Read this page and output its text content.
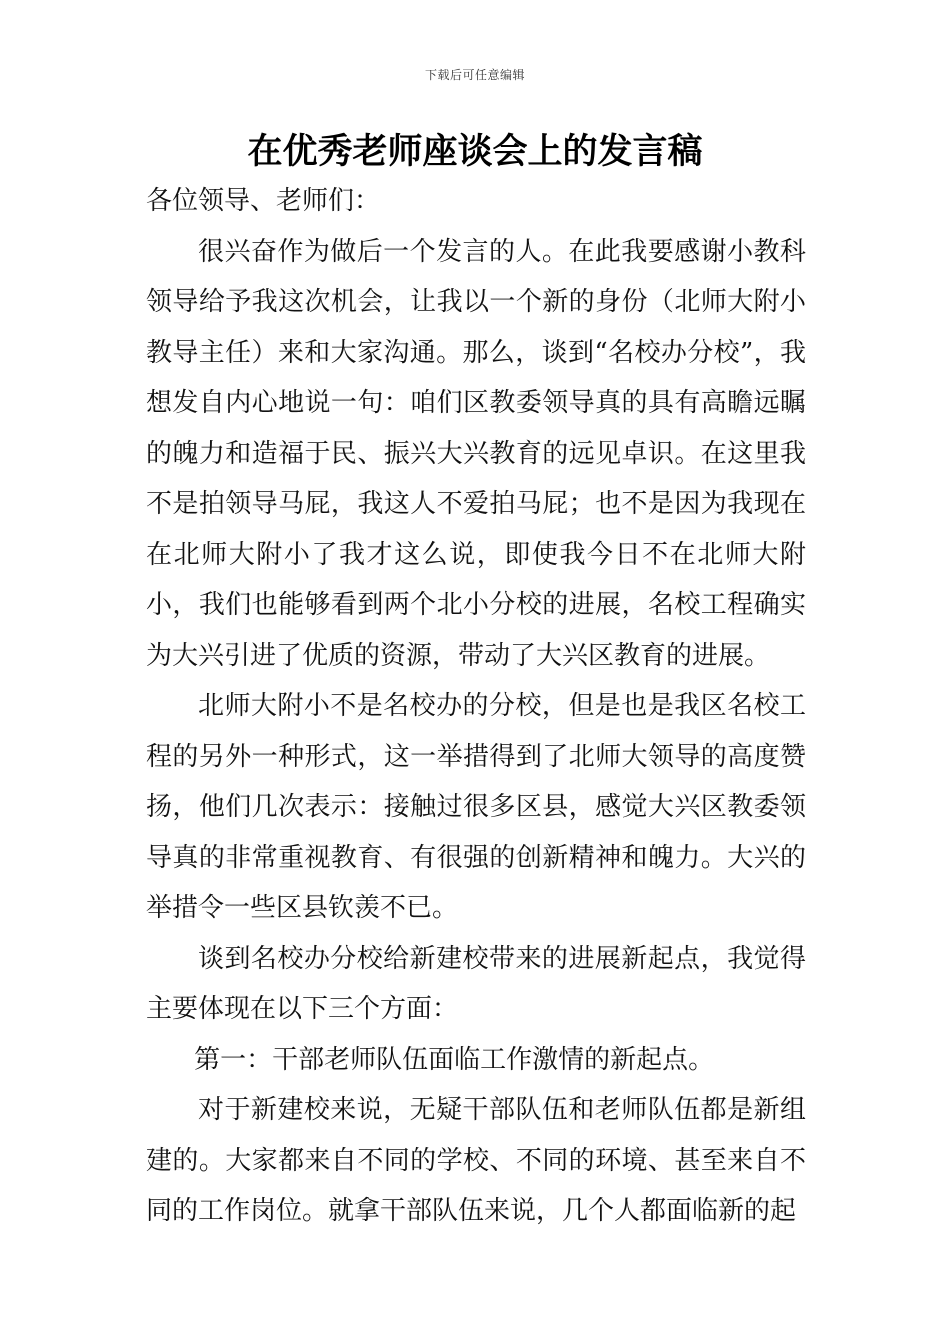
下载后可任意编辑
在优秀老师座谈会上的发言稿

各位领导、老师们：

很兴奋作为做后一个发言的人。在此我要感谢小教科领导给予我这次机会，让我以一个新的身份（北师大附小教导主任）来和大家沟通。那么，谈到“名校办分校”，我想发自内心地说一句：咱们区教委领导真的具有高瞻远瞩的魄力和造福于民、振兴大兴教育的远见卓识。在这里我不是拍领导马屁，我这人不爱拍马屁；也不是因为我现在在北师大附小了我才这么说，即使我今日不在北师大附小，我们也能够看到两个北小分校的进展，名校工程确实为大兴引进了优质的资源，带动了大兴区教育的进展。

北师大附小不是名校办的分校，但是也是我区名校工程的另外一种形式，这一举措得到了北师大领导的高度赞扬，他们几次表示：接触过很多区县，感觉大兴区教委领导真的非常重视教育、有很强的创新精神和魄力。大兴的举措令一些区县钦羡不已。

谈到名校办分校给新建校带来的进展新起点，我觉得主要体现在以下三个方面：

第一：干部老师队伍面临工作激情的新起点。

对于新建校来说，无疑干部队伍和老师队伍都是新组建的。大家都来自不同的学校、不同的环境、甚至来自不同的工作岗位。就拿干部队伍来说，几个人都面临新的起
